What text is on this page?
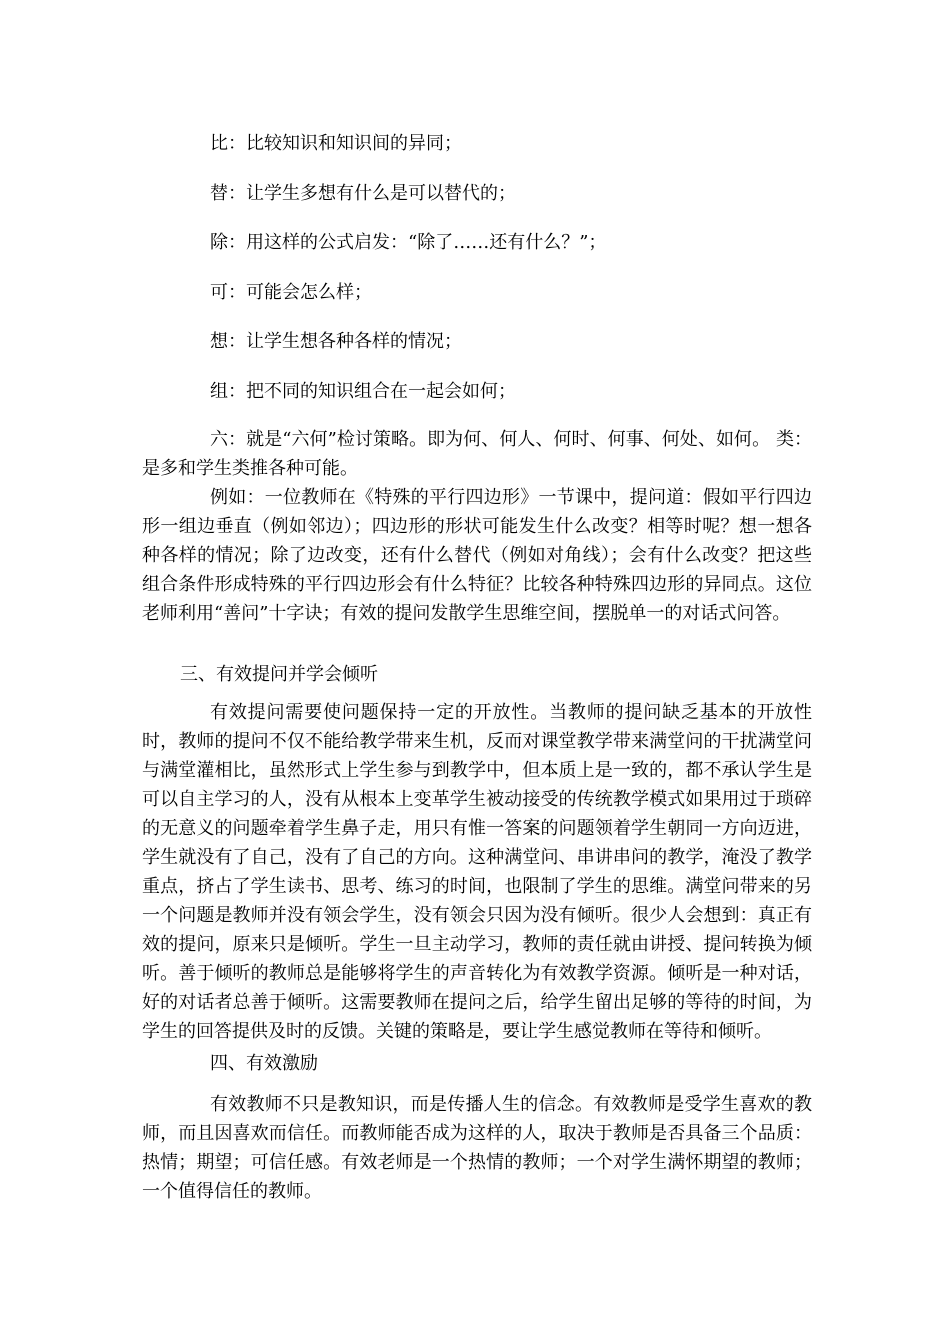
比：比较知识和知识间的异同；
替：让学生多想有什么是可以替代的；
除：用这样的公式启发：“除了……还有什么？”；
可：可能会怎么样；
想：让学生想各种各样的情况；
组：把不同的知识组合在一起会如何；

六：就是“六何”检讨策略。即为何、何人、何时、何事、何处、如何。 类：是多和学生类推各种可能。

例如：一位教师在《特殊的平行四边形》一节课中，提问道：假如平行四边形一组边垂直（例如邻边）；四边形的形状可能发生什么改变？相等时呢？想一想各种各样的情况；除了边改变，还有什么替代（例如对角线）；会有什么改变？把这些组合条件形成特殊的平行四边形会有什么特征？比较各种特殊四边形的异同点。这位老师利用“善问”十字诀；有效的提问发散学生思维空间，摆脱单一的对话式问答。

三、有效提问并学会倾听

有效提问需要使问题保持一定的开放性。当教师的提问缺乏基本的开放性时，教师的提问不仅不能给教学带来生机，反而对课堂教学带来满堂问的干扰满堂问与满堂灌相比，虽然形式上学生参与到教学中，但本质上是一致的，都不承认学生是可以自主学习的人，没有从根本上变革学生被动接受的传统教学模式如果用过于琐碎的无意义的问题牵着学生鼻子走，用只有惟一答案的问题领着学生朝同一方向迈进，学生就没有了自己，没有了自己的方向。这种满堂问、串讲串问的教学，淹没了教学重点，挤占了学生读书、思考、练习的时间，也限制了学生的思维。满堂问带来的另一个问题是教师并没有领会学生，没有领会只因为没有倾听。很少人会想到：真正有效的提问，原来只是倾听。学生一旦主动学习，教师的责任就由讲授、提问转换为倾听。善于倾听的教师总是能够将学生的声音转化为有效教学资源。倾听是一种对话，好的对话者总善于倾听。这需要教师在提问之后，给学生留出足够的等待的时间，为学生的回答提供及时的反馈。关键的策略是，要让学生感觉教师在等待和倾听。

四、有效激励

有效教师不只是教知识，而是传播人生的信念。有效教师是受学生喜欢的教师，而且因喜欢而信任。而教师能否成为这样的人，取决于教师是否具备三个品质：热情；期望；可信任感。有效老师是一个热情的教师；一个对学生满怀期望的教师；一个值得信任的教师。
